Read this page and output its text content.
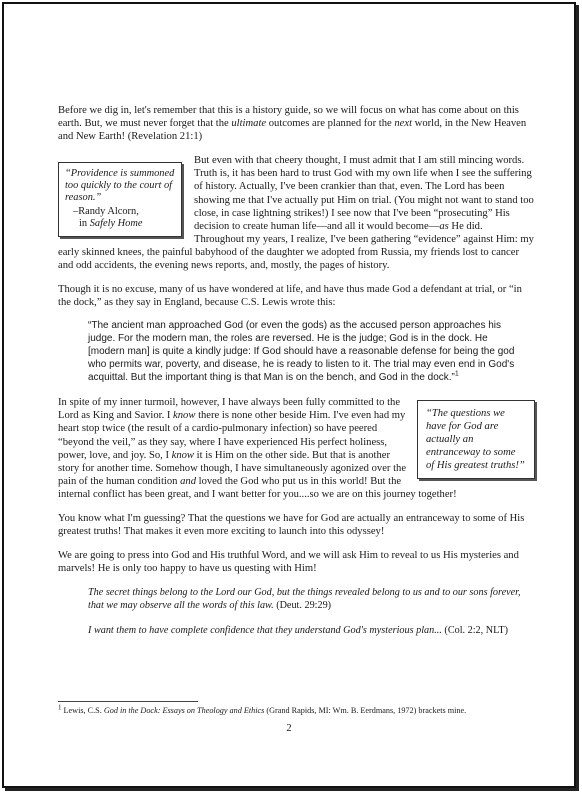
Before we dig in, let's remember that this is a history guide, so we will focus on what has come about on this earth. But, we must never forget that the ultimate outcomes are planned for the next world, in the New Heaven and New Earth! (Revelation 21:1)

“Providence is summoned too quickly to the court of reason.”
–Randy Alcorn,
in Safely Home

But even with that cheery thought, I must admit that I am still mincing words. Truth is, it has been hard to trust God with my own life when I see the suffering of history. Actually, I've been crankier than that, even. The Lord has been showing me that I've actually put Him on trial. (You might not want to stand too close, in case lightning strikes!) I see now that I've been “prosecuting” His decision to create human life—and all it would become—as He did. Throughout my years, I realize, I've been gathering “evidence” against Him: my early skinned knees, the painful babyhood of the daughter we adopted from Russia, my friends lost to cancer and odd accidents, the evening news reports, and, mostly, the pages of history.

Though it is no excuse, many of us have wondered at life, and have thus made God a defendant at trial, or “in the dock,” as they say in England, because C.S. Lewis wrote this:

“The ancient man approached God (or even the gods) as the accused person approaches his judge. For the modern man, the roles are reversed. He is the judge; God is in the dock. He [modern man] is quite a kindly judge: If God should have a reasonable defense for being the god who permits war, poverty, and disease, he is ready to listen to it. The trial may even end in God's acquittal. But the important thing is that Man is on the bench, and God in the dock.”$^1$
“The questions we have for God are actually an entranceway to some of His greatest truths!”

In spite of my inner turmoil, however, I have always been fully committed to the Lord as King and Savior. I know there is none other beside Him. I've even had my heart stop twice (the result of a cardio-pulmonary infection) so have peered “beyond the veil,” as they say, where I have experienced His perfect holiness, power, love, and joy. So, I know it is Him on the other side. But that is another story for another time. Somehow though, I have simultaneously agonized over the pain of the human condition and loved the God who put us in this world! But the internal conflict has been great, and I want better for you....so we are on this journey together!

You know what I'm guessing? That the questions we have for God are actually an entranceway to some of His greatest truths! That makes it even more exciting to launch into this odyssey!

We are going to press into God and His truthful Word, and we will ask Him to reveal to us His mysteries and marvels! He is only too happy to have us questing with Him!

The secret things belong to the Lord our God, but the things revealed belong to us and to our sons forever, that we may observe all the words of this law. (Deut. 29:29)
I want them to have complete confidence that they understand God's mysterious plan... (Col. 2:2, NLT)
1 Lewis, C.S. God in the Dock: Essays on Theology and Ethics (Grand Rapids, MI: Wm. B. Eerdmans, 1972) brackets mine.
2
